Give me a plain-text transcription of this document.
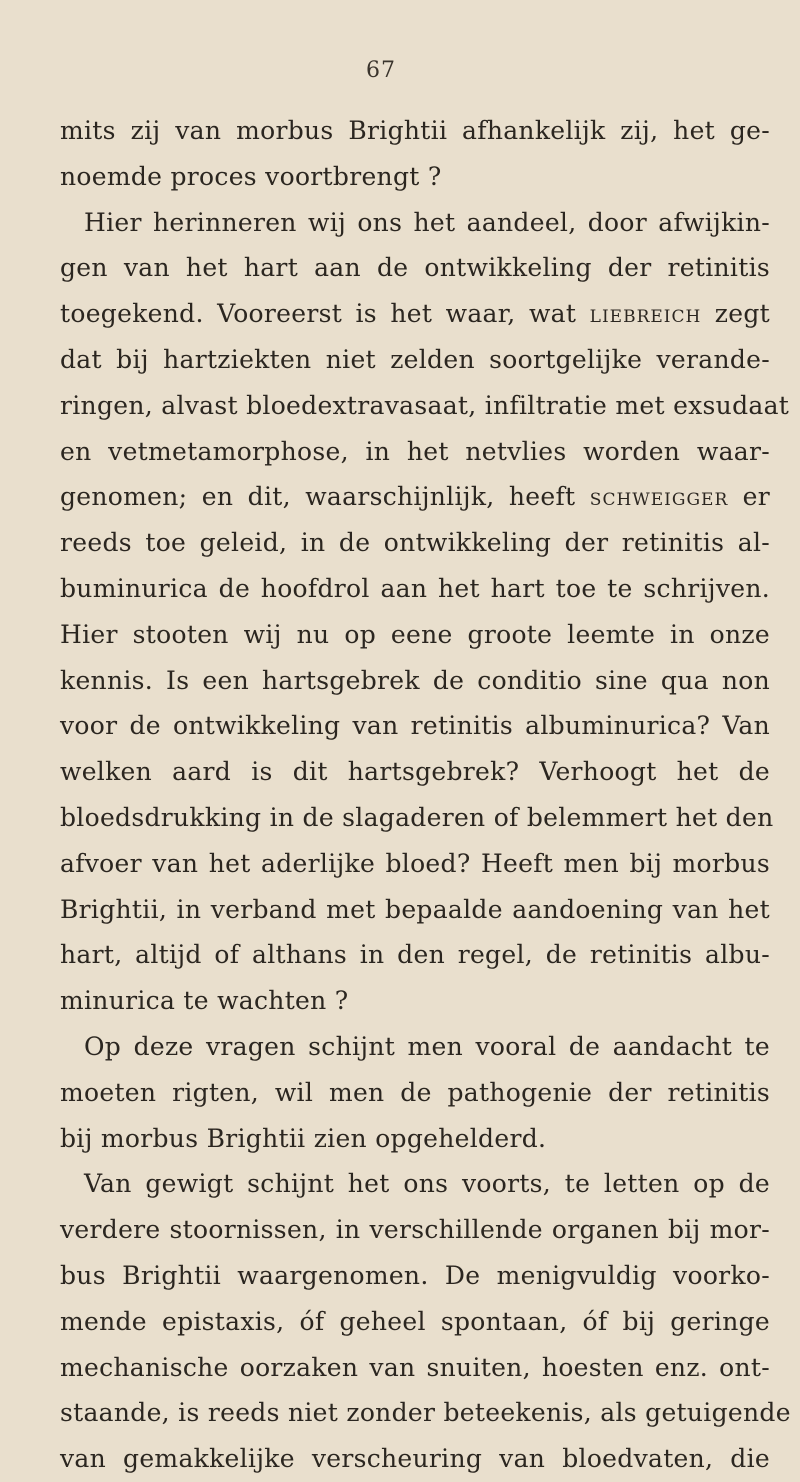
67
mits zij van morbus Brightii afhankelijk zij, het ge-
noemde proces voortbrengt ?
Hier herinneren wij ons het aandeel, door afwijkin-
gen van het hart aan de ontwikkeling der retinitis
toegekend. Vooreerst is het waar, wat LIEBREICH zegt
dat bij hartziekten niet zelden soortgelijke verande-
ringen, alvast bloedextravasaat, infiltratie met exsudaat
en vetmetamorphose, in het netvlies worden waar-
genomen; en dit, waarschijnlijk, heeft SCHWEIGGER er
reeds toe geleid, in de ontwikkeling der retinitis al-
buminurica de hoofdrol aan het hart toe te schrijven.
Hier stooten wij nu op eene groote leemte in onze
kennis. Is een hartsgebrek de conditio sine qua non
voor de ontwikkeling van retinitis albuminurica? Van
welken aard is dit hartsgebrek? Verhoogt het de
bloedsdrukking in de slagaderen of belemmert het den
afvoer van het aderlijke bloed? Heeft men bij morbus
Brightii, in verband met bepaalde aandoening van het
hart, altijd of althans in den regel, de retinitis albu-
minurica te wachten ?
Op deze vragen schijnt men vooral de aandacht te
moeten rigten, wil men de pathogenie der retinitis
bij morbus Brightii zien opgehelderd.
Van gewigt schijnt het ons voorts, te letten op de
verdere stoornissen, in verschillende organen bij mor-
bus Brightii waargenomen. De menigvuldig voorko-
mende epistaxis, óf geheel spontaan, óf bij geringe
mechanische oorzaken van snuiten, hoesten enz. ont-
staande, is reeds niet zonder beteekenis, als getuigende
van gemakkelijke verscheuring van bloedvaten, die
